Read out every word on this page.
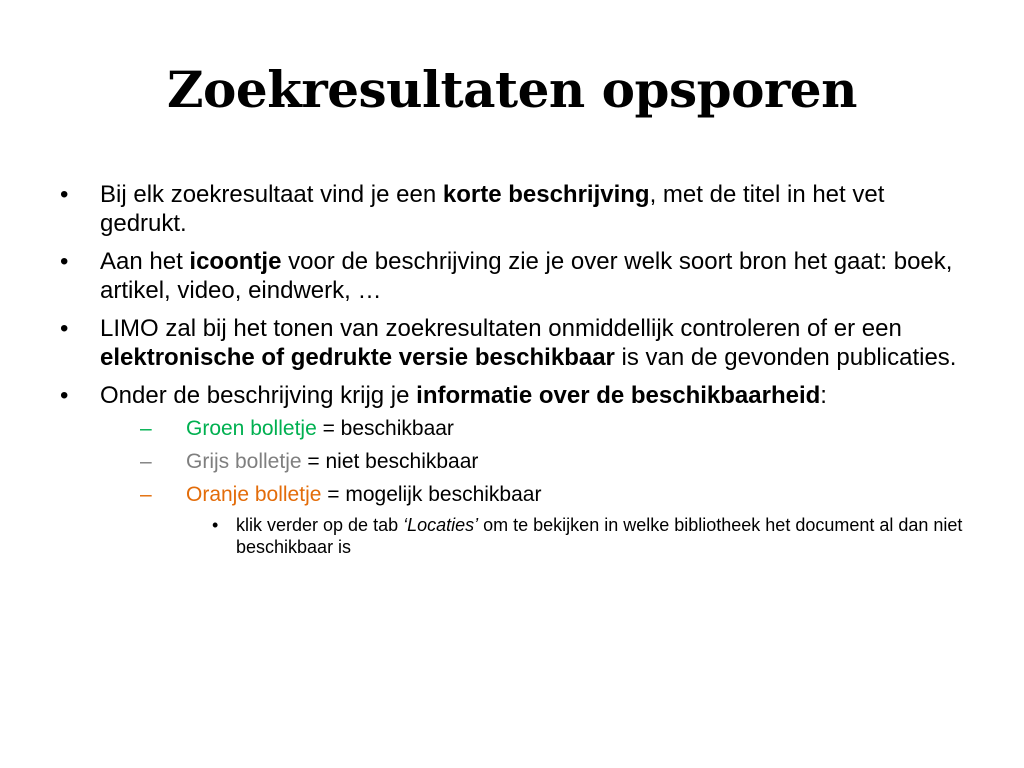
Zoekresultaten opsporen
•	Bij elk zoekresultaat vind je een korte beschrijving, met de titel in het vet gedrukt.
•	Aan het icoontje voor de beschrijving zie je over welk soort bron het gaat: boek, artikel, video, eindwerk, …
•	LIMO zal bij het tonen van zoekresultaten onmiddellijk controleren of er een elektronische of gedrukte versie beschikbaar is van de gevonden publicaties.
•	Onder de beschrijving krijg je informatie over de beschikbaarheid:
–	Groen bolletje = beschikbaar
–	Grijs bolletje = niet beschikbaar
–	Oranje bolletje = mogelijk beschikbaar
• klik verder op de tab ‘Locaties’ om te bekijken in welke bibliotheek het document al dan niet beschikbaar is
